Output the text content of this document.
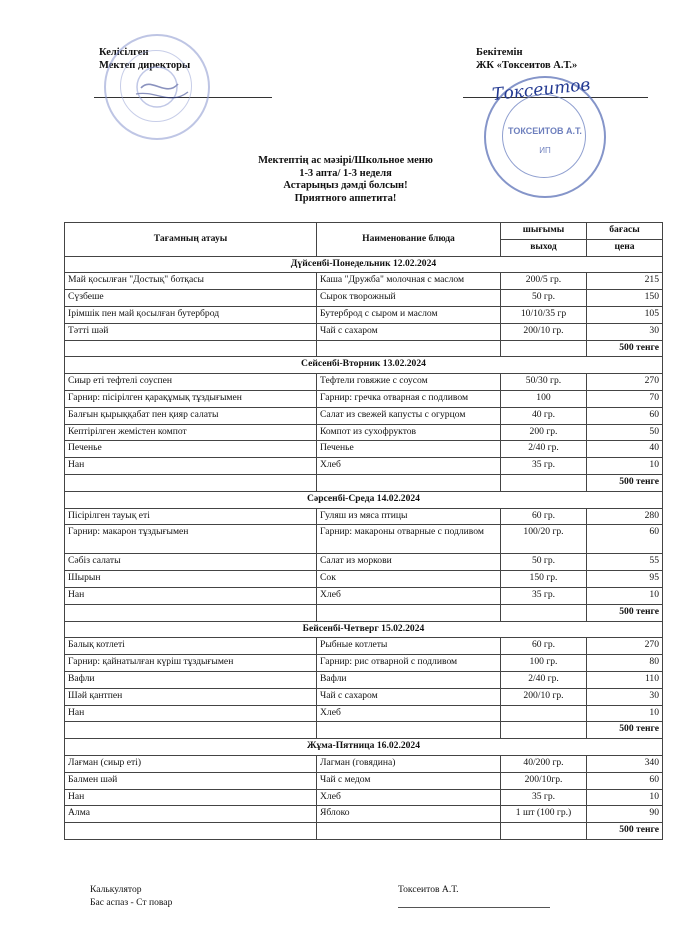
Келісілген
Мектеп директоры
Бекітемін
ЖК «Токсеитов А.Т.»
ТОКСЕИТОВ А.Т.
ИП
Токсеитов
Мектептің ас мәзірі/Школьное меню
1-3 апта/ 1-3 неделя
Астарыңыз дәмді болсын!
Приятного аппетита!
Тағамның атауы	Наименование блюда	шығымы	бағасы
		выход	цена
Дүйсенбі-Понедельник 12.02.2024			
Май қосылған "Достық" ботқасы	Каша "Дружба" молочная с маслом	200/5 гр.	215
Сүзбеше	Сырок творожный	50 гр.	150
Ірімшік пен май қосылған бутерброд	Бутерброд с сыром и маслом	10/10/35 гр	105
Тәтті шәй	Чай с сахаром	200/10 гр.	30
			500 тенге
Сейсенбі-Вторник 13.02.2024			
Сиыр еті тефтелі соуспен	Тефтели говяжие с соусом	50/30 гр.	270
Гарнир: пісірілген қарақұмық тұздығымен	Гарнир: гречка отварная с подливом	100	70
Балғын қырыққабат пен қияр салаты	Салат из свежей капусты с огурцом	40 гр.	60
Кептірілген жемістен компот	Компот из сухофруктов	200 гр.	50
Печенье	Печенье	2/40 гр.	40
Нан	Хлеб	35 гр.	10
			500 тенге
Сәрсенбі-Среда 14.02.2024			
Пісірілген тауық еті	Гуляш из мяса птицы	60 гр.	280
Гарнир: макарон тұздығымен	Гарнир: макароны отварные с подливом	100/20 гр.	60
Сәбіз салаты	Салат из моркови	50 гр.	55
Шырын	Сок	150 гр.	95
Нан	Хлеб	35 гр.	10
			500 тенге
Бейсенбі-Четверг 15.02.2024			
Балық котлеті	Рыбные котлеты	60 гр.	270
Гарнир: қайнатылған күріш тұздығымен	Гарнир: рис отварной с подливом	100 гр.	80
Вафли	Вафли	2/40 гр.	110
Шәй қантпен	Чай с сахаром	200/10 гр.	30
Нан	Хлеб		10
			500 тенге
Жұма-Пятница 16.02.2024			
Лағман (сиыр еті)	Лагман (говядина)	40/200 гр.	340
Балмен шәй	Чай с медом	200/10гр.	60
Нан	Хлеб	35 гр.	10
Алма	Яблоко	1 шт (100 гр.)	90
			500 тенге
Калькулятор
Бас аспаз - Ст повар
Токсеитов А.Т.
